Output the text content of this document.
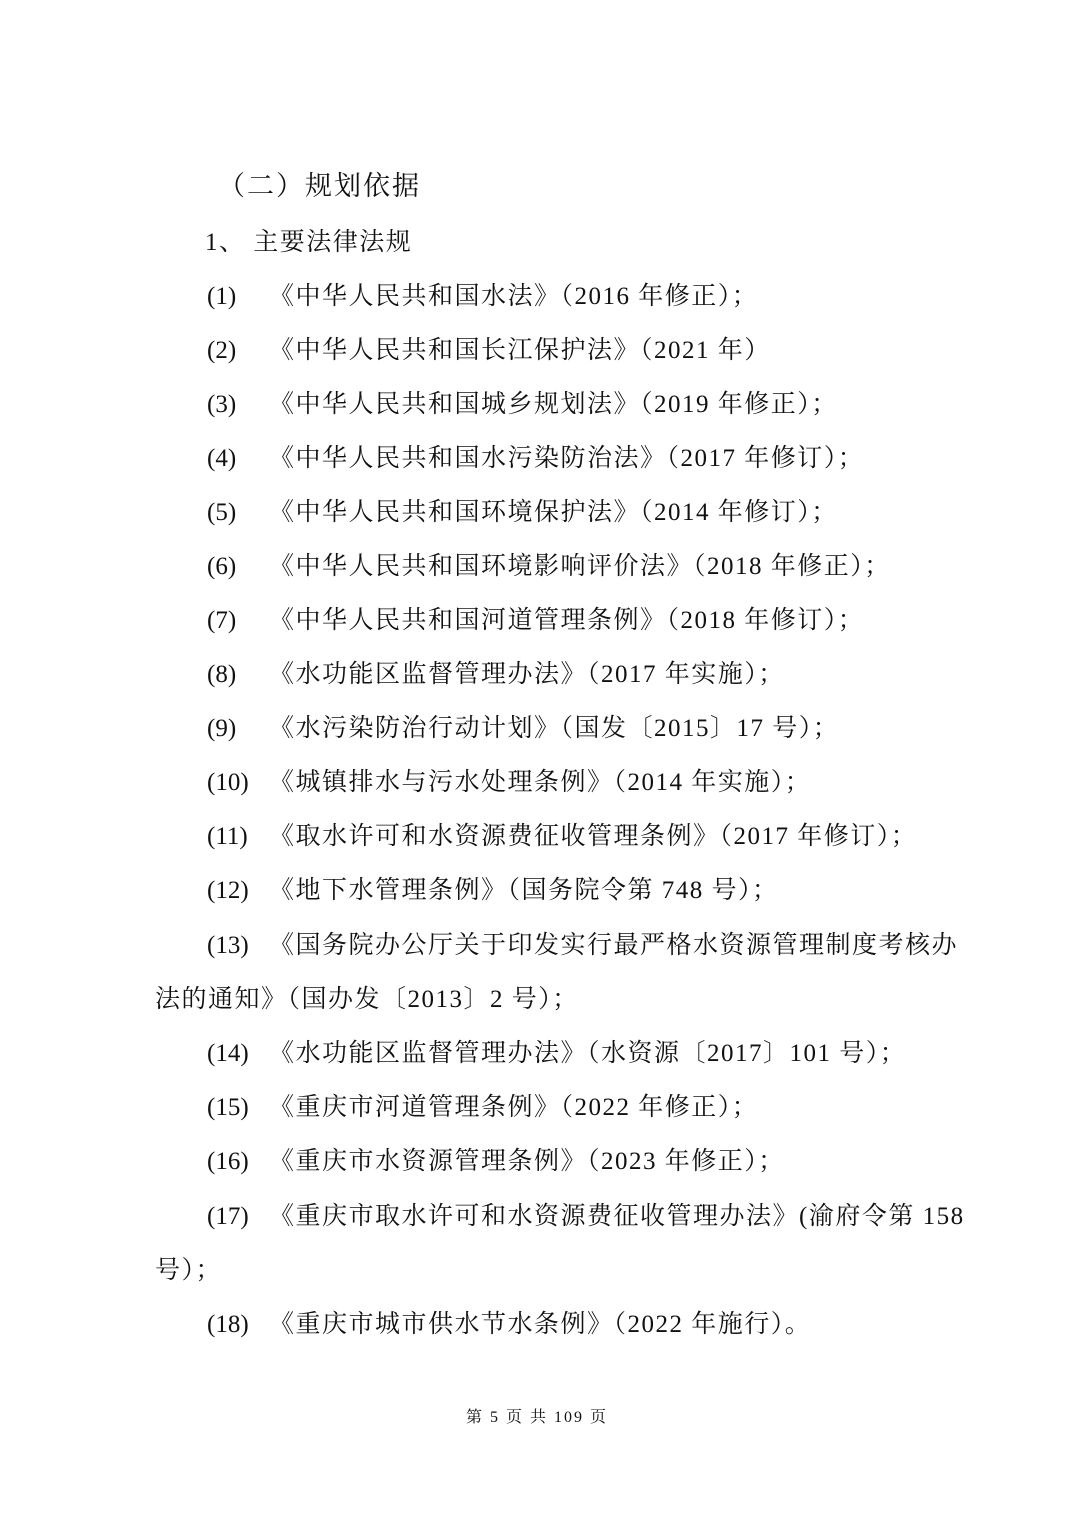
（二）规划依据
1、 主要法律法规
(1) 《中华人民共和国水法》（2016 年修正）；
(2) 《中华人民共和国长江保护法》（2021 年）
(3) 《中华人民共和国城乡规划法》（2019 年修正）；
(4) 《中华人民共和国水污染防治法》（2017 年修订）；
(5) 《中华人民共和国环境保护法》（2014 年修订）；
(6) 《中华人民共和国环境影响评价法》（2018 年修正）；
(7) 《中华人民共和国河道管理条例》（2018 年修订）；
(8) 《水功能区监督管理办法》（2017 年实施）；
(9) 《水污染防治行动计划》（国发〔2015〕17 号）；
(10) 《城镇排水与污水处理条例》（2014 年实施）；
(11) 《取水许可和水资源费征收管理条例》（2017 年修订）；
(12) 《地下水管理条例》（国务院令第 748 号）；
(13) 《国务院办公厅关于印发实行最严格水资源管理制度考核办
法的通知》（国办发〔2013〕2 号）；
(14) 《水功能区监督管理办法》（水资源〔2017〕101 号）；
(15) 《重庆市河道管理条例》（2022 年修正）；
(16) 《重庆市水资源管理条例》（2023 年修正）；
(17) 《重庆市取水许可和水资源费征收管理办法》(渝府令第 158
号）；
(18) 《重庆市城市供水节水条例》（2022 年施行）。
第 5 页 共 109 页
